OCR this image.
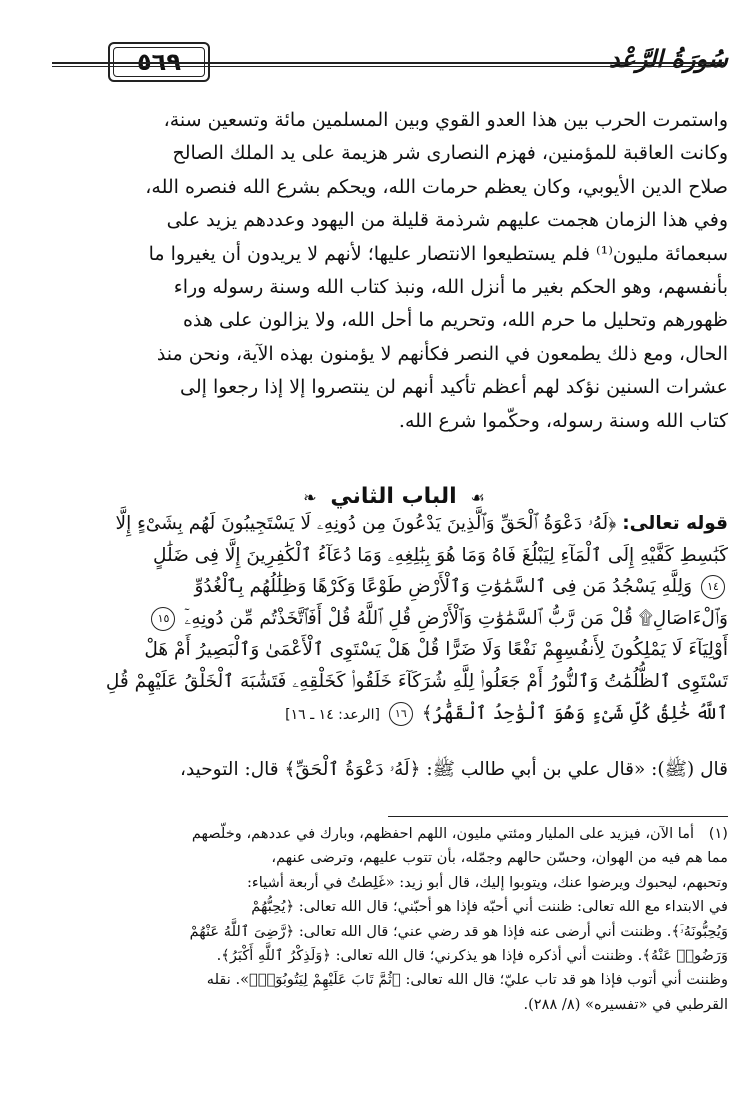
٥٦٩	سُورَةُ الرَّعْد

واستمرت الحرب بين هذا العدو القوي وبين المسلمين مائة وتسعين سنة،

وكانت العاقبة للمؤمنين، فهزم النصارى شر هزيمة على يد الملك الصالح

صلاح الدين الأيوبي، وكان يعظم حرمات الله، ويحكم بشرع الله فنصره الله،

وفي هذا الزمان هجمت عليهم شرذمة قليلة من اليهود وعددهم يزيد على

سبعمائة مليون⁽¹⁾ فلم يستطيعوا الانتصار عليها؛ لأنهم لا يريدون أن يغيروا ما

بأنفسهم، وهو الحكم بغير ما أنزل الله، ونبذ كتاب الله وسنة رسوله وراء

ظهورهم وتحليل ما حرم الله، وتحريم ما أحل الله، ولا يزالون على هذه

الحال، ومع ذلك يطمعون في النصر فكأنهم لا يؤمنون بهذه الآية، ونحن منذ

عشرات السنين نؤكد لهم أعظم تأكيد أنهم لن ينتصروا إلا إذا رجعوا إلى

كتاب الله وسنة رسوله، وحكّموا شرع الله.

☙ الباب الثاني ❧

قوله تعالى: ﴿لَهُۥ دَعْوَةُ ٱلْحَقِّ وَٱلَّذِينَ يَدْعُونَ مِن دُونِهِۦ لَا يَسْتَجِيبُونَ لَهُم بِشَىْءٍ إِلَّا

كَبَٰسِطِ كَفَّيْهِ إِلَى ٱلْمَآءِ لِيَبْلُغَ فَاهُ وَمَا هُوَ بِبَٰلِغِهِۦ وَمَا دُعَآءُ ٱلْكَٰفِرِينَ إِلَّا فِى ضَلَٰلٍ

١٤ وَلِلَّهِ يَسْجُدُ مَن فِى ٱلسَّمَٰوَٰتِ وَٱلْأَرْضِ طَوْعًا وَكَرْهًا وَظِلَٰلُهُم بِٱلْغُدُوِّ

وَٱلْءَاصَالِ۩ قُلْ مَن رَّبُّ ٱلسَّمَٰوَٰتِ وَٱلْأَرْضِ قُلِ ٱللَّهُ قُلْ أَفَٱتَّخَذْتُم مِّن دُونِهِۦٓ ١٥

أَوْلِيَآءَ لَا يَمْلِكُونَ لِأَنفُسِهِمْ نَفْعًا وَلَا ضَرًّا قُلْ هَلْ يَسْتَوِى ٱلْأَعْمَىٰ وَٱلْبَصِيرُ أَمْ هَلْ

تَسْتَوِى ٱلظُّلُمَٰتُ وَٱلنُّورُ أَمْ جَعَلُوا۟ لِلَّهِ شُرَكَآءَ خَلَقُوا۟ كَخَلْقِهِۦ فَتَشَٰبَهَ ٱلْخَلْقُ عَلَيْهِمْ قُلِ

ٱللَّهُ خَٰلِقُ كُلِّ شَىْءٍ وَهُوَ ٱلْوَٰحِدُ ٱلْقَهَّٰرُ﴾ ١٦ [الرعد: ١٤ ـ ١٦]

قال (ﷺ): «قال علي بن أبي طالب ﷺ: ﴿لَهُۥ دَعْوَةُ ٱلْحَقِّ﴾ قال: التوحيد،

(١) أما الآن، فيزيد على المليار ومئتي مليون، اللهم احفظهم، وبارك في عددهم، وخلّصهم

مما هم فيه من الهوان، وحسّن حالهم وجمّله، بأن تتوب عليهم، وترضى عنهم،

وتحبهم، ليحبوك ويرضوا عنك، ويتوبوا إليك، قال أبو زيد: «غَلِطتُ في أربعة أشياء:

في الابتداء مع الله تعالى: ظننت أني أحبّه فإذا هو أحبّني؛ قال الله تعالى: ﴿يُحِبُّهُمْ

وَيُحِبُّونَهُۥٓ﴾. وظننت أني أرضى عنه فإذا هو قد رضي عني؛ قال الله تعالى: ﴿رَّضِىَ ٱللَّهُ عَنْهُمْ

وَرَضُوا۟ عَنْهُ﴾. وظننت أني أذكره فإذا هو يذكرني؛ قال الله تعالى: ﴿وَلَذِكْرُ ٱللَّهِ أَكْبَرُ﴾.

وظننت أني أتوب فإذا هو قد تاب عليّ؛ قال الله تعالى: ﴿ثُمَّ تَابَ عَلَيْهِمْ لِيَتُوبُوٓا۟﴾». نقله

القرطبي في «تفسيره» (٨/ ٢٨٨).
